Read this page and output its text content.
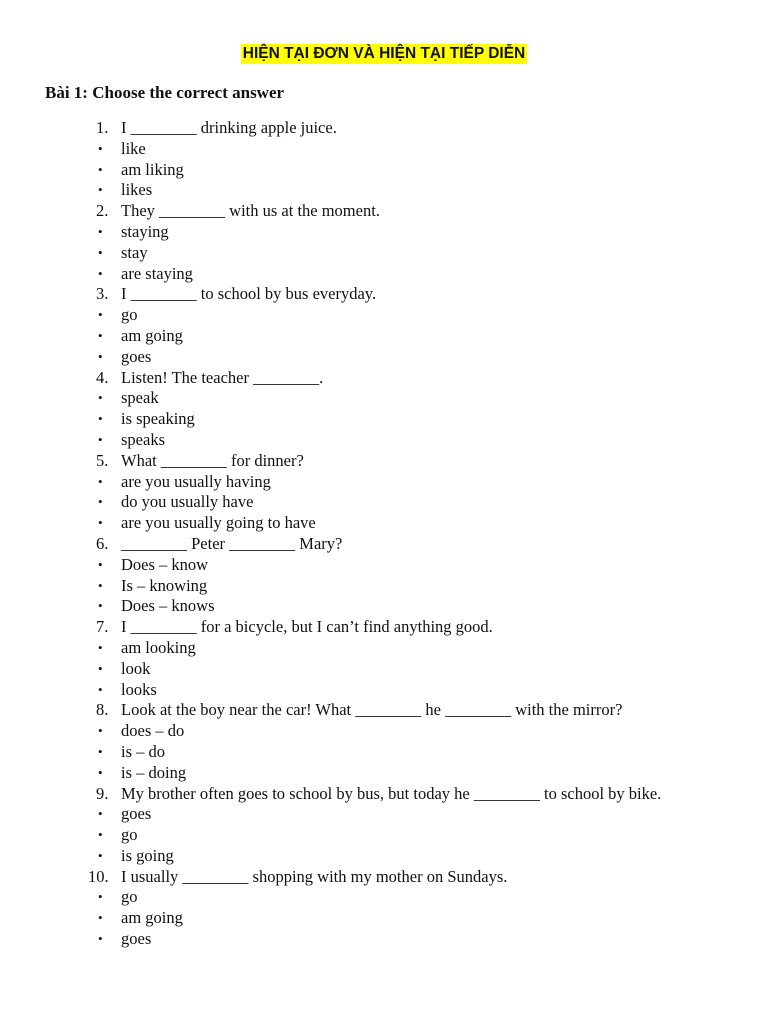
HIỆN TẠI ĐƠN VÀ HIỆN TẠI TIẾP DIỄN
Bài 1: Choose the correct answer
1. I ________ drinking apple juice.
• like
• am liking
• likes
2. They ________ with us at the moment.
• staying
• stay
• are staying
3. I ________ to school by bus everyday.
• go
• am going
• goes
4. Listen! The teacher ________.
• speak
• is speaking
• speaks
5. What ________ for dinner?
• are you usually having
• do you usually have
• are you usually going to have
6. ________ Peter ________ Mary?
• Does – know
• Is – knowing
• Does – knows
7. I ________ for a bicycle, but I can’t find anything good.
• am looking
• look
• looks
8. Look at the boy near the car! What ________ he ________ with the mirror?
• does – do
• is – do
• is – doing
9. My brother often goes to school by bus, but today he ________ to school by bike.
• goes
• go
• is going
10. I usually ________ shopping with my mother on Sundays.
• go
• am going
• goes
